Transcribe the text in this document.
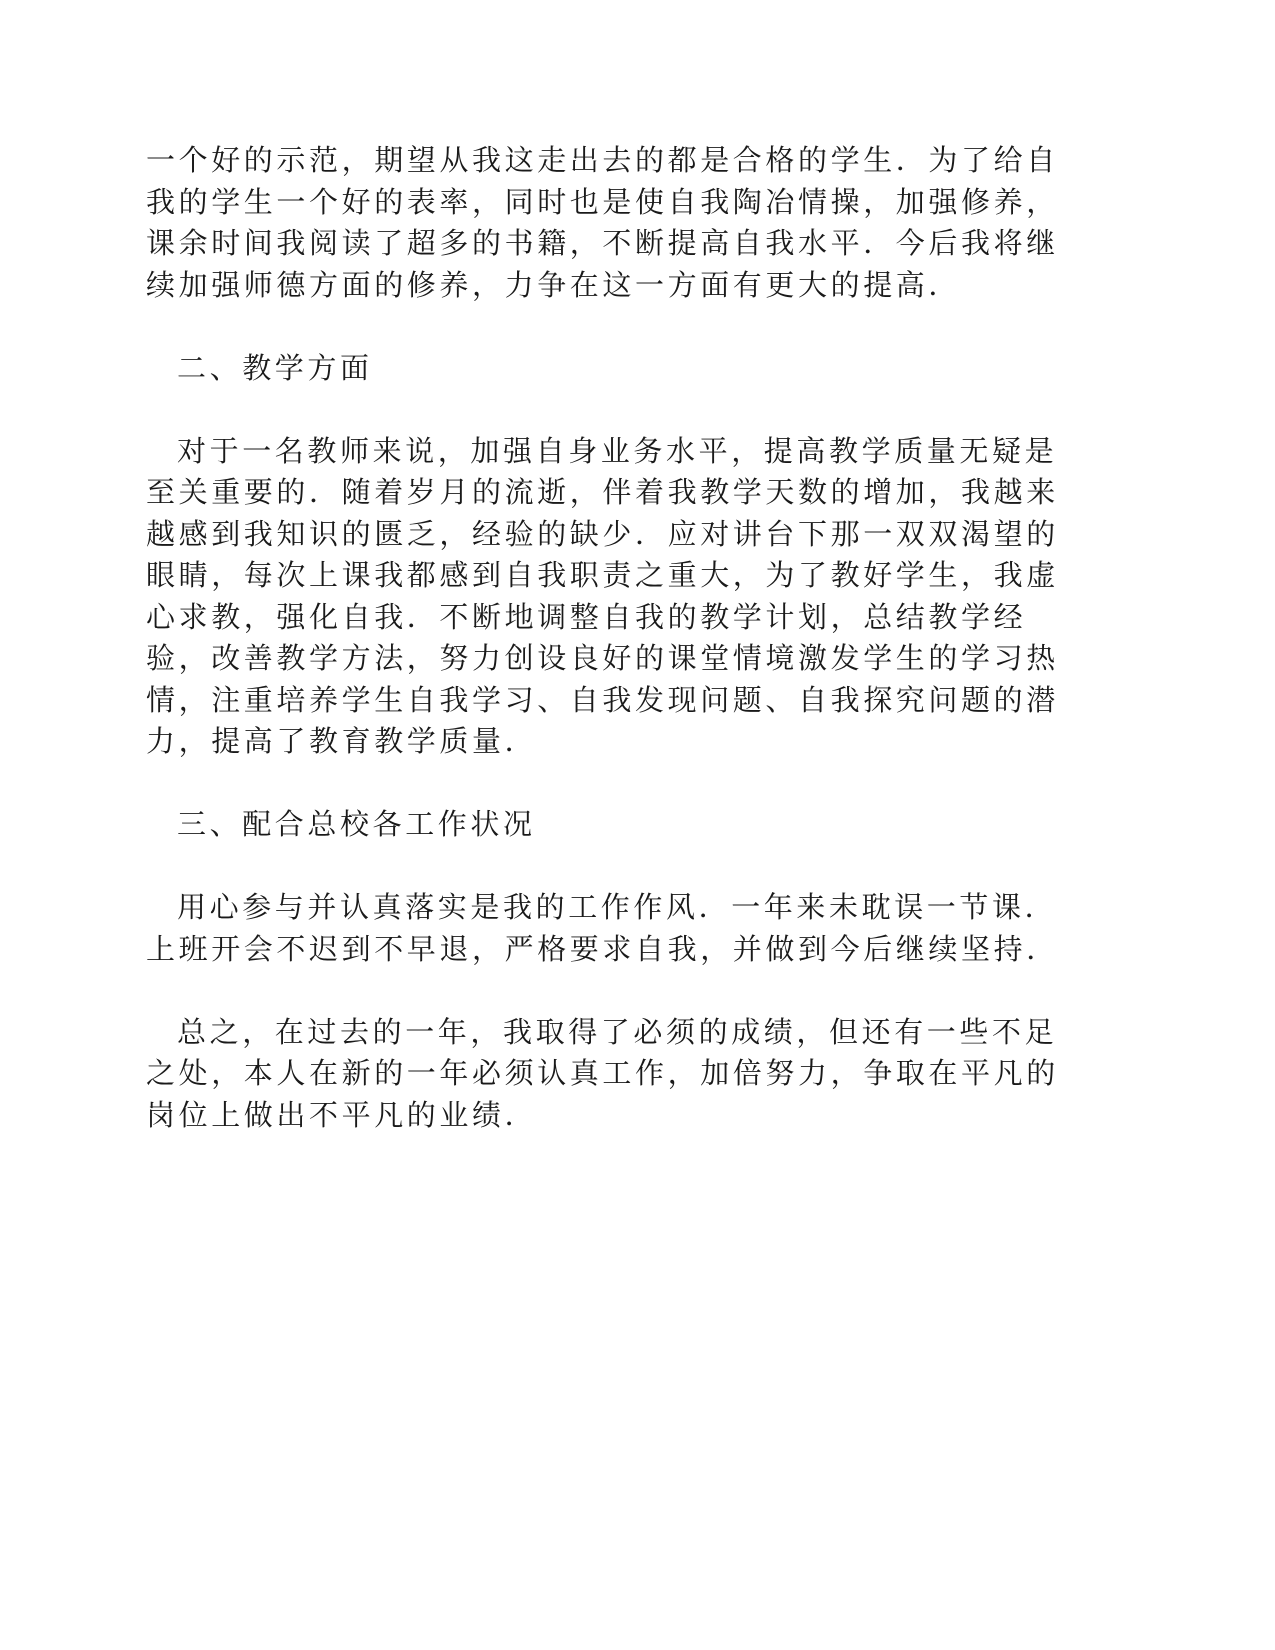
一个好的示范，期望从我这走出去的都是合格的学生．为了给自
我的学生一个好的表率，同时也是使自我陶冶情操，加强修养，
课余时间我阅读了超多的书籍，不断提高自我水平．今后我将继
续加强师德方面的修养，力争在这一方面有更大的提高．
二、教学方面
对于一名教师来说，加强自身业务水平，提高教学质量无疑是
至关重要的．随着岁月的流逝，伴着我教学天数的增加，我越来
越感到我知识的匮乏，经验的缺少．应对讲台下那一双双渴望的
眼睛，每次上课我都感到自我职责之重大，为了教好学生，我虚
心求教，强化自我．不断地调整自我的教学计划，总结教学经
验，改善教学方法，努力创设良好的课堂情境激发学生的学习热
情，注重培养学生自我学习、自我发现问题、自我探究问题的潜
力，提高了教育教学质量．
三、配合总校各工作状况
用心参与并认真落实是我的工作作风．一年来未耽误一节课．
上班开会不迟到不早退，严格要求自我，并做到今后继续坚持．
总之，在过去的一年，我取得了必须的成绩，但还有一些不足
之处，本人在新的一年必须认真工作，加倍努力，争取在平凡的
岗位上做出不平凡的业绩．
